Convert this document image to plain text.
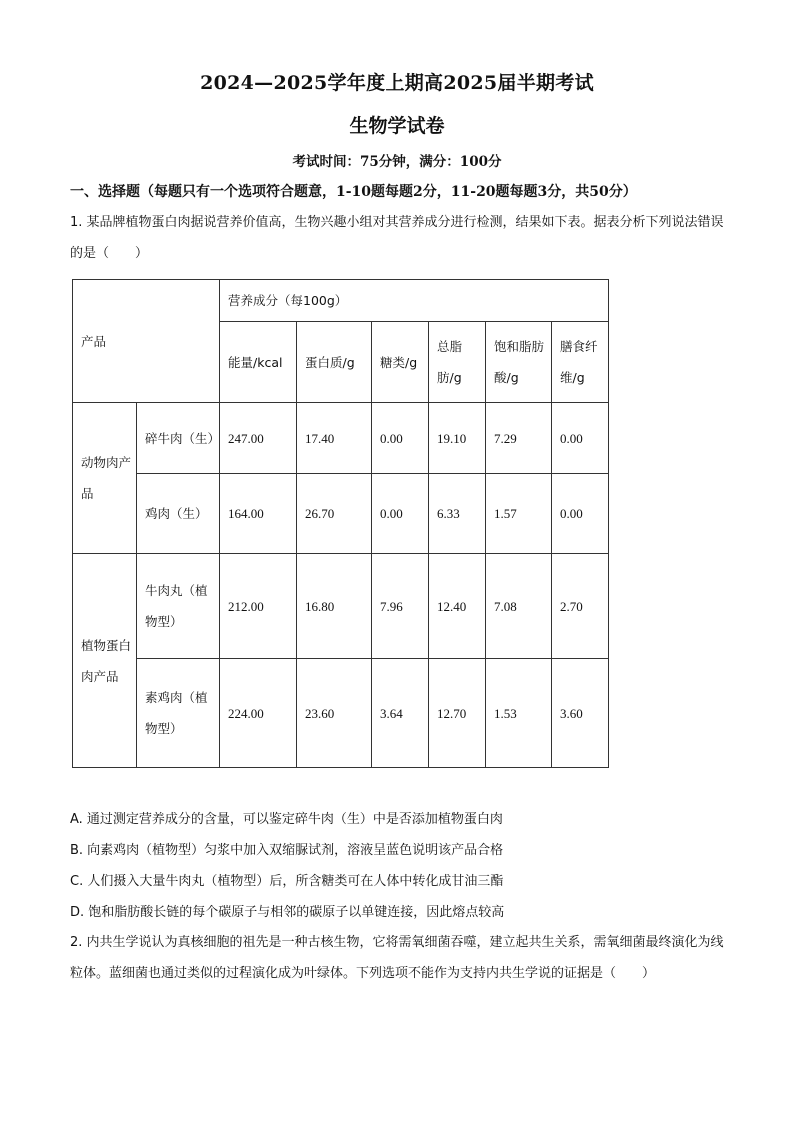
2024—2025学年度上期高2025届半期考试
生物学试卷
考试时间：75分钟，满分：100分
一、选择题（每题只有一个选项符合题意，1-10题每题2分，11-20题每题3分，共50分）
1. 某品牌植物蛋白肉据说营养价值高，生物兴趣小组对其营养成分进行检测，结果如下表。据表分析下列说法错误的是（　　）
产品		营养成分（每100g）					
		能量/kcal	蛋白质/g	糖类/g	总脂肪/g	饱和脂肪酸/g	膳食纤维/g
动物肉产品	碎牛肉（生）	247.00	17.40	0.00	19.10	7.29	0.00
	鸡肉（生）	164.00	26.70	0.00	6.33	1.57	0.00
植物蛋白肉产品	牛肉丸（植物型）	212.00	16.80	7.96	12.40	7.08	2.70
	素鸡肉（植物型）	224.00	23.60	3.64	12.70	1.53	3.60
A. 通过测定营养成分的含量，可以鉴定碎牛肉（生）中是否添加植物蛋白肉
B. 向素鸡肉（植物型）匀浆中加入双缩脲试剂，溶液呈蓝色说明该产品合格
C. 人们摄入大量牛肉丸（植物型）后，所含糖类可在人体中转化成甘油三酯
D. 饱和脂肪酸长链的每个碳原子与相邻的碳原子以单键连接，因此熔点较高
2. 内共生学说认为真核细胞的祖先是一种古核生物，它将需氧细菌吞噬，建立起共生关系，需氧细菌最终演化为线粒体。蓝细菌也通过类似的过程演化成为叶绿体。下列选项不能作为支持内共生学说的证据是（　　）
